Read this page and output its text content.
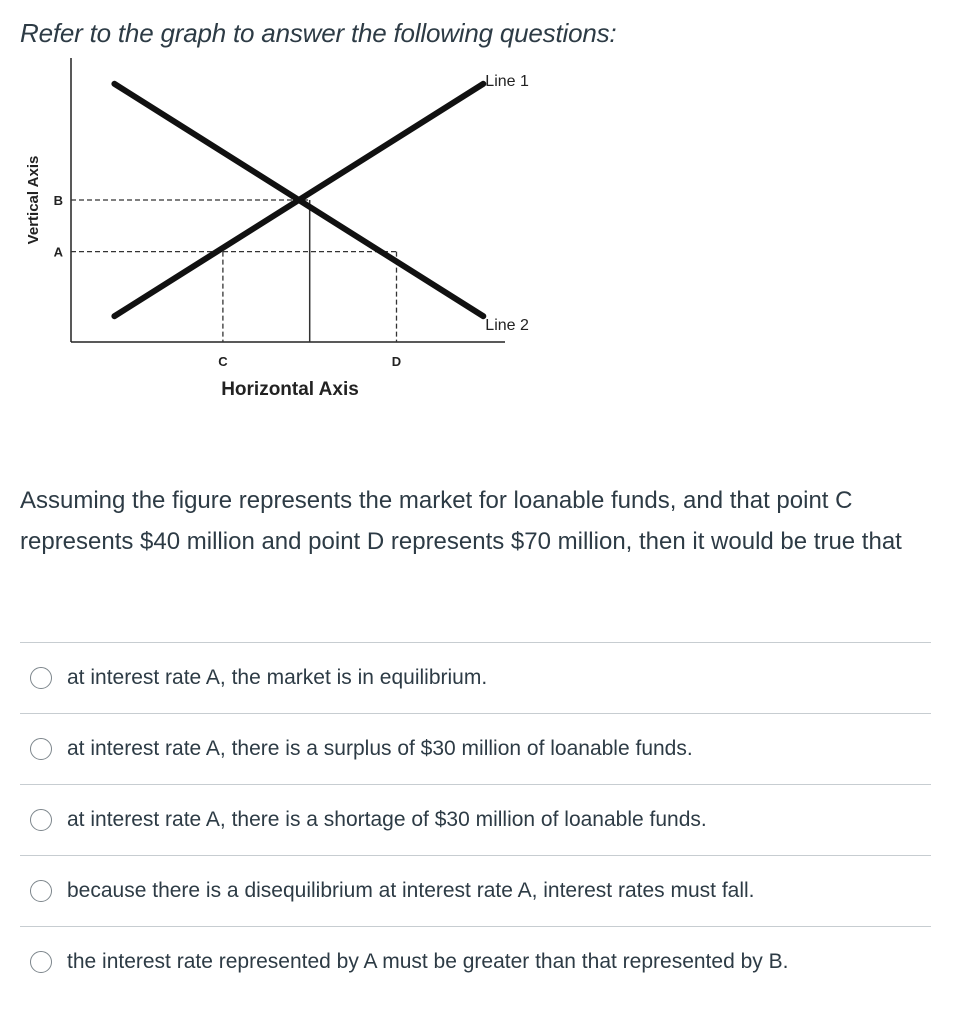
Refer to the graph to answer the following questions:

B
A
C	D
Line 1
Line 2
Vertical Axis
Horizontal Axis

Assuming the figure represents the market for loanable funds, and that point C represents $40 million and point D represents $70 million, then it would be true that

at interest rate A, the market is in equilibrium.
at interest rate A, there is a surplus of $30 million of loanable funds.
at interest rate A, there is a shortage of $30 million of loanable funds.
because there is a disequilibrium at interest rate A, interest rates must fall.
the interest rate represented by A must be greater than that represented by B.
